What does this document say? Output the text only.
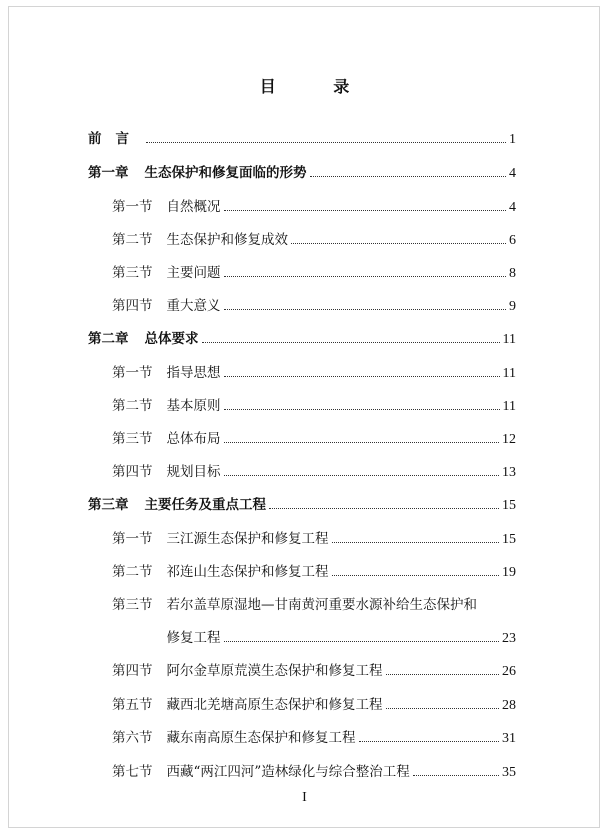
目 录
前言	1
第一章 生态保护和修复面临的形势	4
第一节 自然概况	4
第二节 生态保护和修复成效	6
第三节 主要问题	8
第四节 重大意义	9
第二章 总体要求	11
第一节 指导思想	11
第二节 基本原则	11
第三节 总体布局	12
第四节 规划目标	13
第三章 主要任务及重点工程	15
第一节 三江源生态保护和修复工程	15
第二节 祁连山生态保护和修复工程	19
第三节 若尔盖草原湿地—甘南黄河重要水源补给生态保护和
修复工程	23
第四节 阿尔金草原荒漠生态保护和修复工程	26
第五节 藏西北羌塘高原生态保护和修复工程	28
第六节 藏东南高原生态保护和修复工程	31
第七节 西藏“两江四河”造林绿化与综合整治工程	35
I
